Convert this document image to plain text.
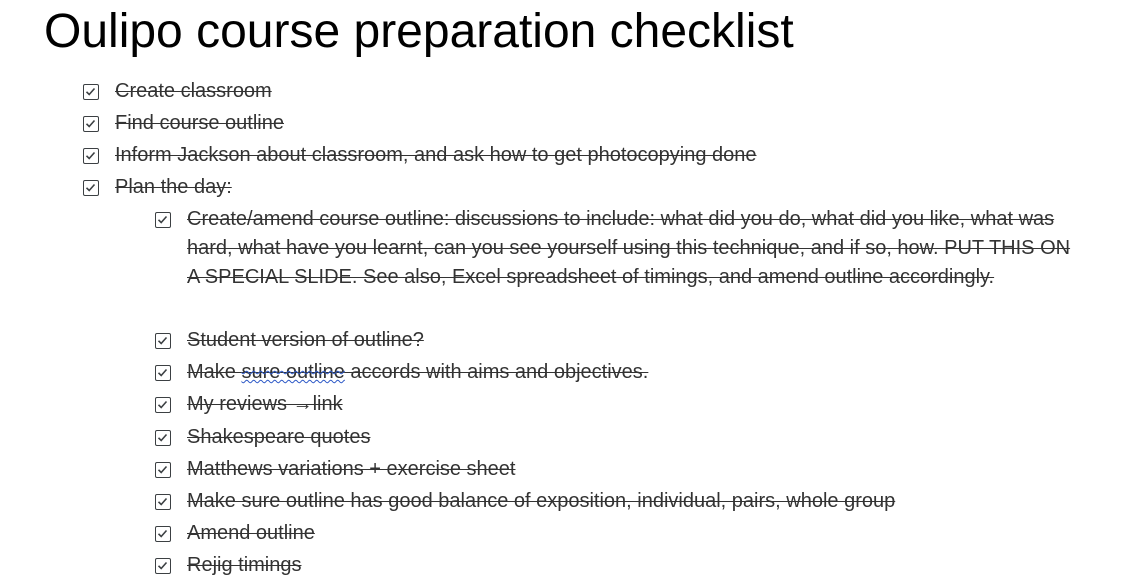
Oulipo course preparation checklist
Create classroom
Find course outline
Inform Jackson about classroom, and ask how to get photocopying done
Plan the day:
Create/amend course outline: discussions to include: what did you do, what did you like, what was hard, what have you learnt, can you see yourself using this technique, and if so, how. PUT THIS ON A SPECIAL SLIDE. See also, Excel spreadsheet of timings, and amend outline accordingly.
Student version of outline?
Make sure outline accords with aims and objectives.
My reviews →link
Shakespeare quotes
Matthews variations + exercise sheet
Make sure outline has good balance of exposition, individual, pairs, whole group
Amend outline
Rejig timings
